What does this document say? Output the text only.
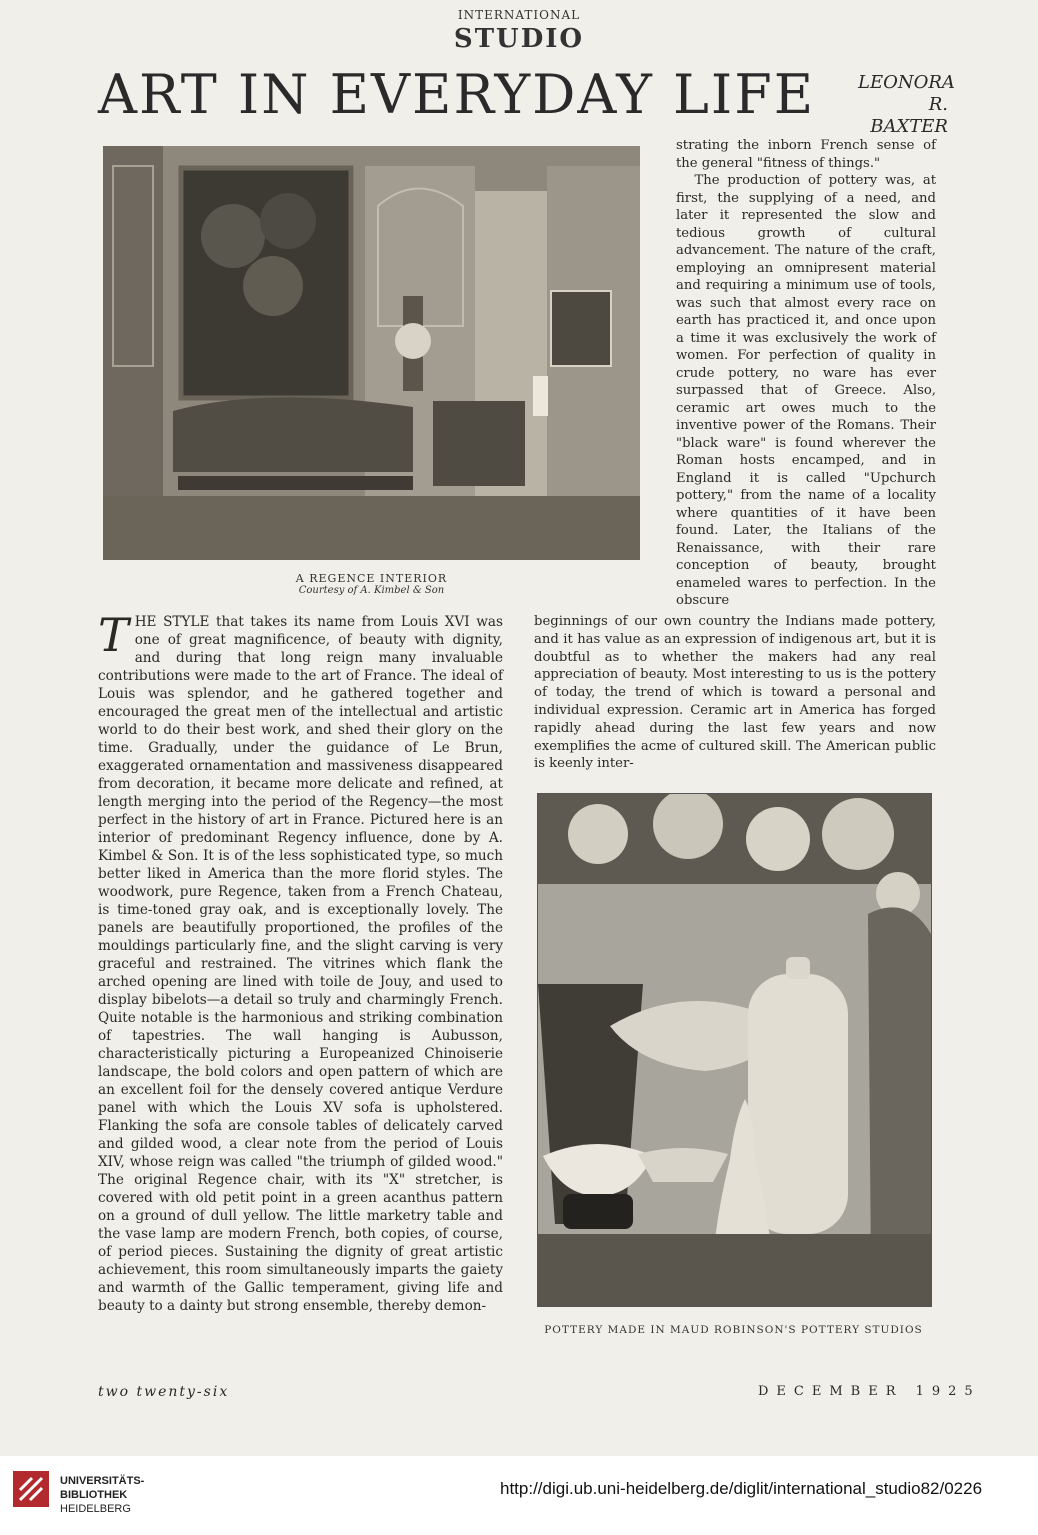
INTERNATIONAL
STUDIO
ART IN EVERYDAY LIFE LEONORA
R. BAXTER
A REGENCE INTERIOR
Courtesy of A. Kimbel & Son

strating the inborn French sense of the general "fitness of things."

The production of pottery was, at first, the supplying of a need, and later it represented the slow and tedious growth of cultural advancement. The nature of the craft, employing an omnipresent material and requiring a minimum use of tools, was such that almost every race on earth has practiced it, and once upon a time it was exclusively the work of women. For perfection of quality in crude pottery, no ware has ever surpassed that of Greece. Also, ceramic art owes much to the inventive power of the Romans. Their "black ware" is found wherever the Roman hosts encamped, and in England it is called "Upchurch pottery," from the name of a locality where quantities of it have been found. Later, the Italians of the Renaissance, with their rare conception of beauty, brought enameled wares to perfection. In the obscure

THE STYLE that takes its name from Louis XVI was one of great magnificence, of beauty with dignity, and during that long reign many invaluable contributions were made to the art of France. The ideal of Louis was splendor, and he gathered together and encouraged the great men of the intellectual and artistic world to do their best work, and shed their glory on the time. Gradually, under the guidance of Le Brun, exaggerated ornamentation and massiveness disappeared from decoration, it became more delicate and refined, at length merging into the period of the Regency—the most perfect in the history of art in France. Pictured here is an interior of predominant Regency influence, done by A. Kimbel & Son. It is of the less sophisticated type, so much better liked in America than the more florid styles. The woodwork, pure Regence, taken from a French Chateau, is time-toned gray oak, and is exceptionally lovely. The panels are beautifully proportioned, the profiles of the mouldings particularly fine, and the slight carving is very graceful and restrained. The vitrines which flank the arched opening are lined with toile de Jouy, and used to display bibelots—a detail so truly and charmingly French. Quite notable is the harmonious and striking combination of tapestries. The wall hanging is Aubusson, characteristically picturing a Europeanized Chinoiserie landscape, the bold colors and open pattern of which are an excellent foil for the densely covered antique Verdure panel with which the Louis XV sofa is upholstered. Flanking the sofa are console tables of delicately carved and gilded wood, a clear note from the period of Louis XIV, whose reign was called "the triumph of gilded wood." The original Regence chair, with its "X" stretcher, is covered with old petit point in a green acanthus pattern on a ground of dull yellow. The little marketry table and the vase lamp are modern French, both copies, of course, of period pieces. Sustaining the dignity of great artistic achievement, this room simultaneously imparts the gaiety and warmth of the Gallic temperament, giving life and beauty to a dainty but strong ensemble, thereby demon-

beginnings of our own country the Indians made pottery, and it has value as an expression of indigenous art, but it is doubtful as to whether the makers had any real appreciation of beauty. Most interesting to us is the pottery of today, the trend of which is toward a personal and individual expression. Ceramic art in America has forged rapidly ahead during the last few years and now exemplifies the acme of cultured skill. The American public is keenly inter-

POTTERY MADE IN MAUD ROBINSON'S POTTERY STUDIOS
two twenty-six	DECEMBER 1925
UNIVERSITÄTS-
BIBLIOTHEK
HEIDELBERG
http://digi.ub.uni-heidelberg.de/diglit/international_studio82/0226
